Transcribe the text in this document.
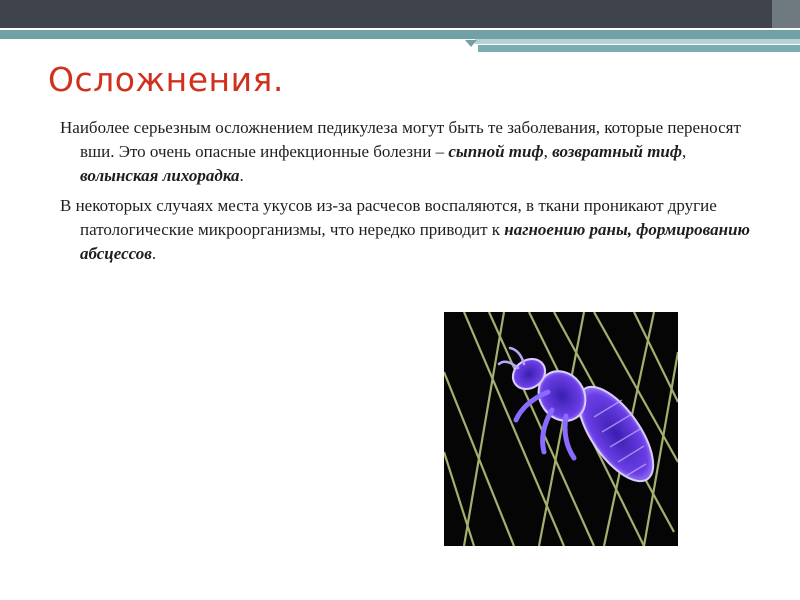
Осложнения.

Наиболее серьезным осложнением педикулеза могут быть те заболевания, которые переносят вши. Это очень опасные инфекционные болезни – сыпной тиф, возвратный тиф, волынская лихорадка.

В некоторых случаях места укусов из-за расчесов воспаляются, в ткани проникают другие патологические микроорганизмы, что нередко приводит к нагноению раны, формированию абсцессов.
